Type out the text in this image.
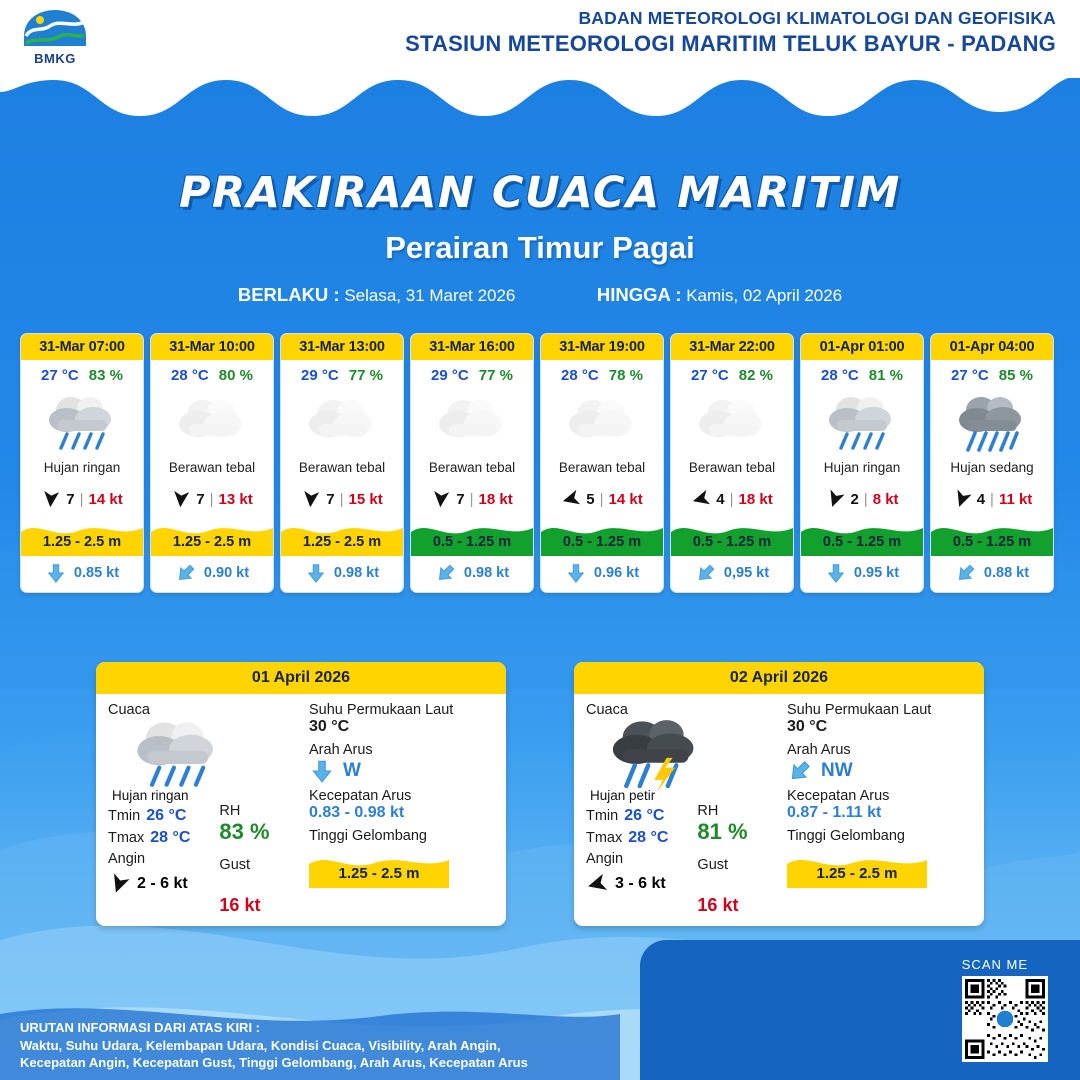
BMKG
BADAN METEOROLOGI KLIMATOLOGI DAN GEOFISIKA
STASIUN METEOROLOGI MARITIM TELUK BAYUR - PADANG
PRAKIRAAN CUACA MARITIM
Perairan Timur Pagai
BERLAKU : Selasa, 31 Maret 2026	HINGGA : Kamis, 02 April 2026
31-Mar 07:00
27 °C 83 %
Hujan ringan
7 | 14 kt
1.25 - 2.5 m
0.85 kt
31-Mar 10:00
28 °C 80 %
Berawan tebal
7 | 13 kt
1.25 - 2.5 m
0.90 kt
31-Mar 13:00
29 °C 77 %
Berawan tebal
7 | 15 kt
1.25 - 2.5 m
0.98 kt
31-Mar 16:00
29 °C 77 %
Berawan tebal
7 | 18 kt
0.5 - 1.25 m
0.98 kt
31-Mar 19:00
28 °C 78 %
Berawan tebal
5 | 14 kt
0.5 - 1.25 m
0.96 kt
31-Mar 22:00
27 °C 82 %
Berawan tebal
4 | 18 kt
0.5 - 1.25 m
0,95 kt
01-Apr 01:00
28 °C 81 %
Hujan ringan
2 | 8 kt
0.5 - 1.25 m
0.95 kt
01-Apr 04:00
27 °C 85 %
Hujan sedang
4 | 11 kt
0.5 - 1.25 m
0.88 kt
01 April 2026
Cuaca
Hujan ringan
Tmin 26 °C
Tmax 28 °C
Angin
2 - 6 kt
RH
83 %
Gust
16 kt
Suhu Permukaan Laut
30 °C
Arah Arus
W
Kecepatan Arus
0.83 - 0.98 kt
Tinggi Gelombang
1.25 - 2.5 m
02 April 2026
Cuaca
Hujan petir
Tmin 26 °C
Tmax 28 °C
Angin
3 - 6 kt
RH
81 %
Gust
16 kt
Suhu Permukaan Laut
30 °C
Arah Arus
NW
Kecepatan Arus
0.87 - 1.11 kt
Tinggi Gelombang
1.25 - 2.5 m
SCAN ME
URUTAN INFORMASI DARI ATAS KIRI :
Waktu, Suhu Udara, Kelembapan Udara, Kondisi Cuaca, Visibility, Arah Angin,
Kecepatan Angin, Kecepatan Gust, Tinggi Gelombang, Arah Arus, Kecepatan Arus
